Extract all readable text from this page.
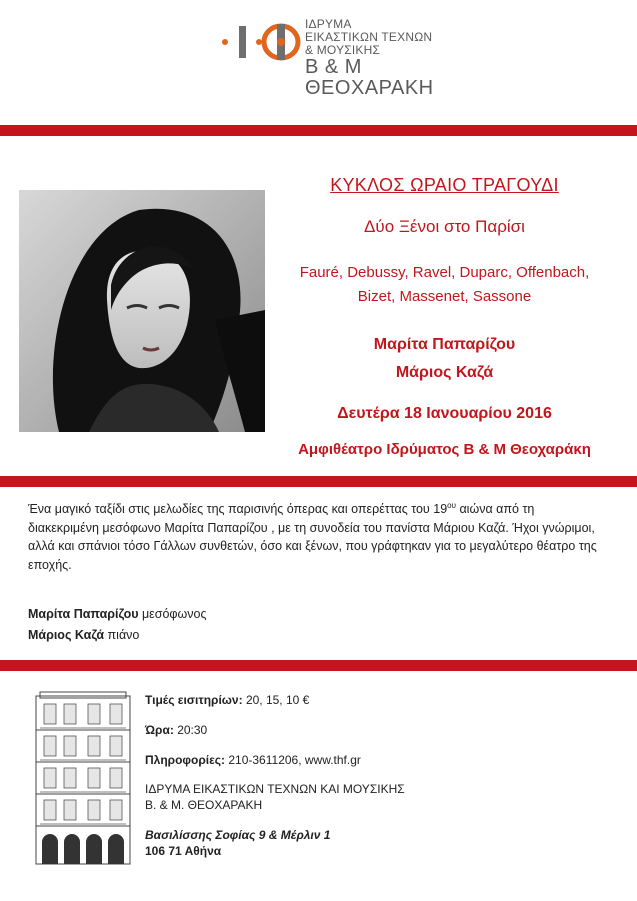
ΙΔΡΥΜΑ
ΕΙΚΑΣΤΙΚΩΝ ΤΕΧΝΩΝ
& ΜΟΥΣΙΚΗΣ
Β & Μ
ΘΕΟΧΑΡΑΚΗ
ΚΥΚΛΟΣ ΩΡΑΙΟ ΤΡΑΓΟΥΔΙ
Δύο Ξένοι στο Παρίσι
Fauré, Debussy, Ravel, Duparc, Offenbach,
Bizet, Massenet, Sassone
Μαρίτα Παπαρίζου
Μάριος Καζά
Δευτέρα 18 Ιανουαρίου 2016
Αμφιθέατρο Ιδρύματος Β & Μ Θεοχαράκη
Ένα μαγικό ταξίδι στις μελωδίες της παρισινής όπερας και οπερέττας του $19^{o\upsilon}$ αιώνα από τη διακεκριμένη μεσόφωνο Μαρίτα Παπαρίζου , με τη συνοδεία του πανίστα Μάριου Καζά. Ήχοι γνώριμοι, αλλά και σπάνιοι τόσο Γάλλων συνθετών, όσο και ξένων, που γράφτηκαν για το μεγαλύτερο θέατρο της εποχής.
Μαρίτα Παπαρίζου μεσόφωνος
Μάριος Καζά πιάνο
Τιμές εισιτηρίων: 20, 15, 10 €
Ώρα: 20:30
Πληροφορίες: 210-3611206, www.thf.gr
ΙΔΡΥΜΑ ΕΙΚΑΣΤΙΚΩΝ ΤΕΧΝΩΝ ΚΑΙ ΜΟΥΣΙΚΗΣ
Β. & Μ. ΘΕΟΧΑΡΑΚΗ
Βασιλίσσης Σοφίας 9 & Μέρλιν 1
106 71 Αθήνα
